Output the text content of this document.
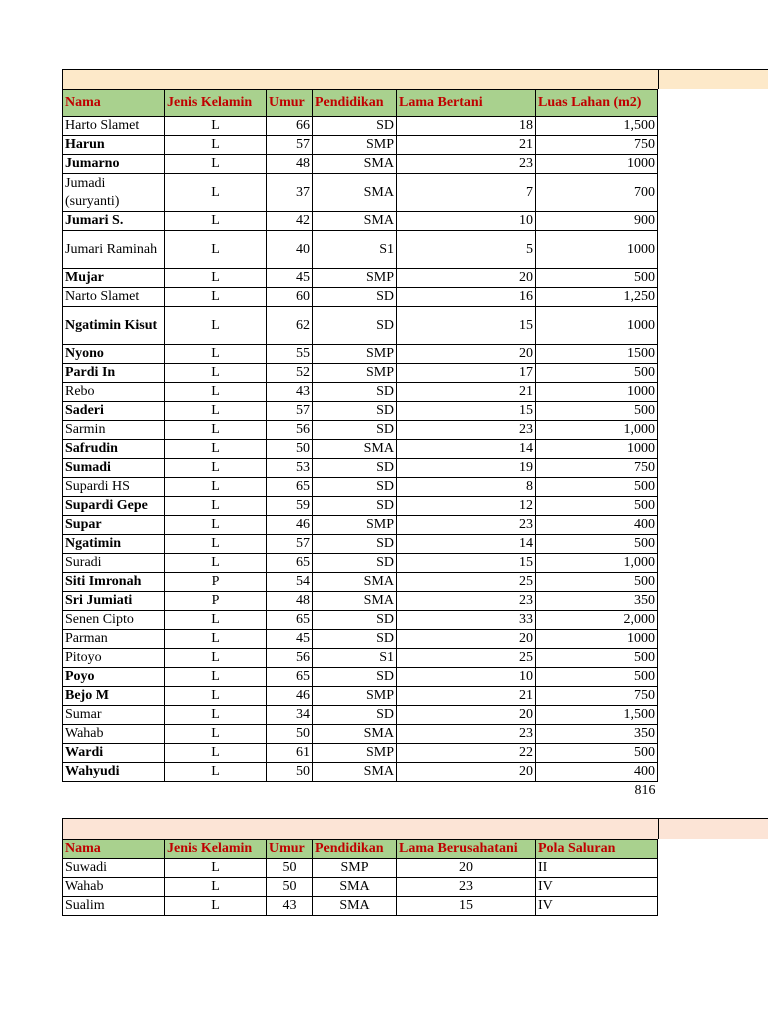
Nama	Jenis Kelamin	Umur	Pendidikan	Lama Bertani	Luas Lahan (m2)
Harto Slamet	L	66	SD	18	1,500
Harun	L	57	SMP	21	750
Jumarno	L	48	SMA	23	1000
Jumadi (suryanti)	L	37	SMA	7	700
Jumari S.	L	42	SMA	10	900
Jumari Raminah	L	40	S1	5	1000
Mujar	L	45	SMP	20	500
Narto Slamet	L	60	SD	16	1,250
Ngatimin Kisut	L	62	SD	15	1000
Nyono	L	55	SMP	20	1500
Pardi In	L	52	SMP	17	500
Rebo	L	43	SD	21	1000
Saderi	L	57	SD	15	500
Sarmin	L	56	SD	23	1,000
Safrudin	L	50	SMA	14	1000
Sumadi	L	53	SD	19	750
Supardi HS	L	65	SD	8	500
Supardi Gepe	L	59	SD	12	500
Supar	L	46	SMP	23	400
Ngatimin	L	57	SD	14	500
Suradi	L	65	SD	15	1,000
Siti Imronah	P	54	SMA	25	500
Sri Jumiati	P	48	SMA	23	350
Senen Cipto	L	65	SD	33	2,000
Parman	L	45	SD	20	1000
Pitoyo	L	56	S1	25	500
Poyo	L	65	SD	10	500
Bejo M	L	46	SMP	21	750
Sumar	L	34	SD	20	1,500
Wahab	L	50	SMA	23	350
Wardi	L	61	SMP	22	500
Wahyudi	L	50	SMA	20	400
					816
Nama	Jenis Kelamin	Umur	Pendidikan	Lama Berusahatani	Pola Saluran
Suwadi	L	50	SMP	20	II
Wahab	L	50	SMA	23	IV
Sualim	L	43	SMA	15	IV
